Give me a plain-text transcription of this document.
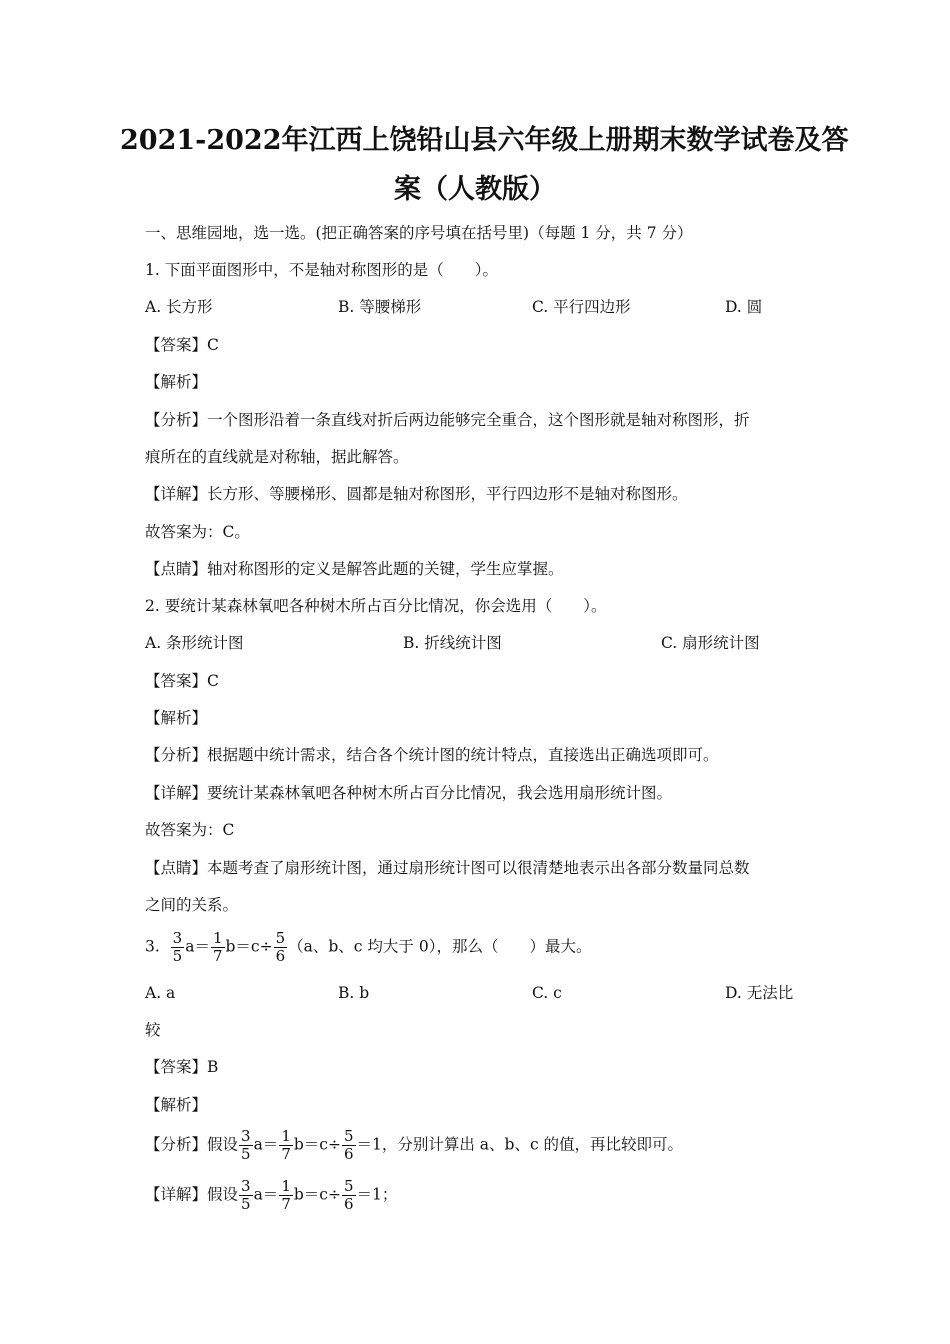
2021-2022年江西上饶铅山县六年级上册期末数学试卷及答
案（人教版）
一、思维园地，选一选。(把正确答案的序号填在括号里)（每题 1 分，共 7 分）
1. 下面平面图形中，不是轴对称图形的是（　　）。
A. 长方形	B. 等腰梯形	C. 平行四边形	D. 圆
【答案】C
【解析】
【分析】一个图形沿着一条直线对折后两边能够完全重合，这个图形就是轴对称图形，折
痕所在的直线就是对称轴，据此解答。
【详解】长方形、等腰梯形、圆都是轴对称图形，平行四边形不是轴对称图形。
故答案为：C。
【点睛】轴对称图形的定义是解答此题的关键，学生应掌握。
2. 要统计某森林氧吧各种树木所占百分比情况，你会选用（　　）。
A. 条形统计图	B. 折线统计图	C. 扇形统计图
【答案】C
【解析】
【分析】根据题中统计需求，结合各个统计图的统计特点，直接选出正确选项即可。
【详解】要统计某森林氧吧各种树木所占百分比情况，我会选用扇形统计图。
故答案为：C
【点睛】本题考查了扇形统计图，通过扇形统计图可以很清楚地表示出各部分数量同总数
之间的关系。
3. $\frac{3}{5} a= \frac{1}{7} b=c\div \frac{5}{6} (a$、b、c 均大于 0），那么（　　）最大。
A. a	B. b	C. c	D. 无法比
较
【答案】B
【解析】
【分析】假设 $\frac{3}{5} a= \frac{1}{7} b=c\div \frac{5}{6} =1$，分别计算出 a、b、c 的值，再比较即可。
【详解】假设 $\frac{3}{5} a= \frac{1}{7} b=c\div \frac{5}{6} =1$；
